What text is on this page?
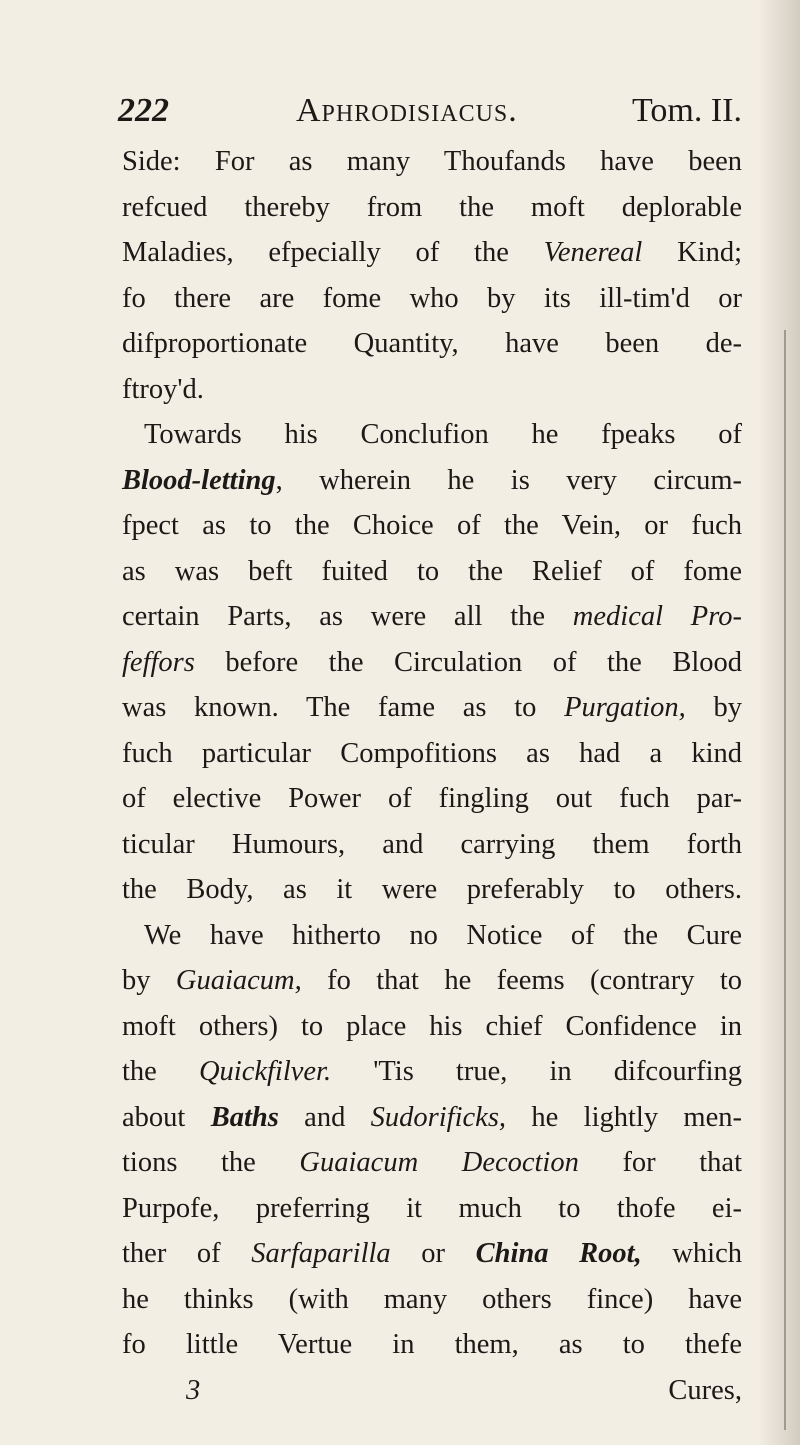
222	Aphrodisiacus.	Tom. II.
Side: For as many Thoufands have been
refcued thereby from the moft deplorable
Maladies, efpecially of the Venereal Kind;
fo there are fome who by its ill-tim'd or
difproportionate Quantity, have been de-
ftroy'd.
Towards his Conclufion he fpeaks of
Blood-letting, wherein he is very circum-
fpect as to the Choice of the Vein, or fuch
as was beft fuited to the Relief of fome
certain Parts, as were all the medical Pro-
feffors before the Circulation of the Blood
was known. The fame as to Purgation, by
fuch particular Compofitions as had a kind
of elective Power of fingling out fuch par-
ticular Humours, and carrying them forth
the Body, as it were preferably to others.
We have hitherto no Notice of the Cure
by Guaiacum, fo that he feems (contrary to
moft others) to place his chief Confidence in
the Quickfilver. 'Tis true, in difcourfing
about Baths and Sudorificks, he lightly men-
tions the Guaiacum Decoction for that
Purpofe, preferring it much to thofe ei-
ther of Sarfaparilla or China Root, which
he thinks (with many others fince) have
fo little Vertue in them, as to thefe
3	Cures,
